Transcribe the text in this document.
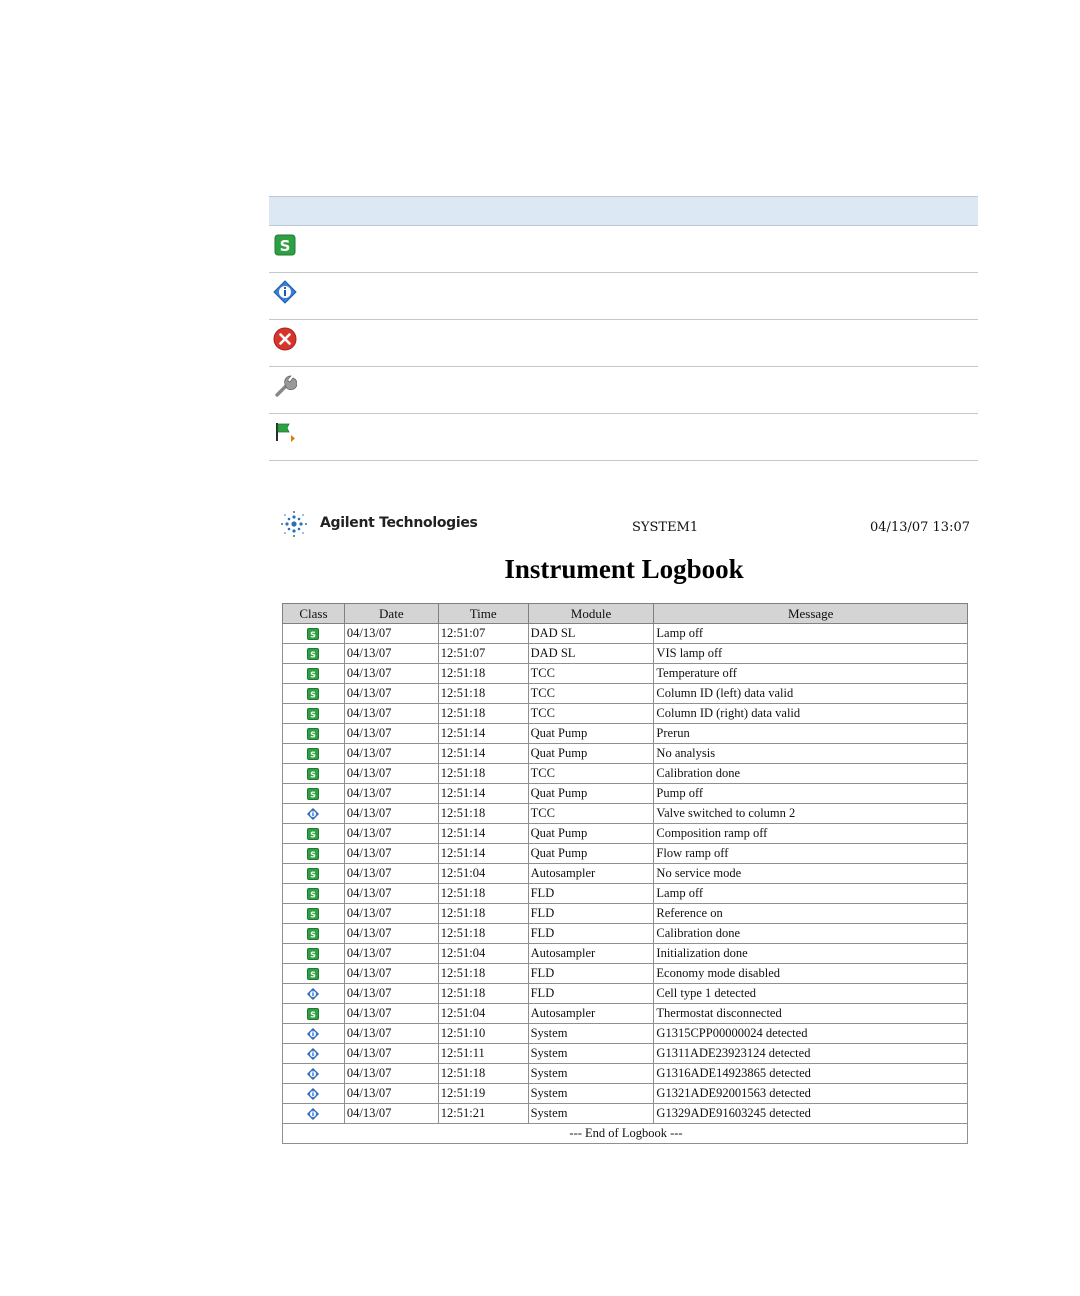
S
Agilent Technologies	SYSTEM1	04/13/07 13:07
Instrument Logbook
Class	Date	Time	Module	Message

S	04/13/07	12:51:07	DAD SL	Lamp off

S	04/13/07	12:51:07	DAD SL	VIS lamp off

S	04/13/07	12:51:18	TCC	Temperature off

S	04/13/07	12:51:18	TCC	Column ID (left) data valid

S	04/13/07	12:51:18	TCC	Column ID (right) data valid

S	04/13/07	12:51:14	Quat Pump	Prerun

S	04/13/07	12:51:14	Quat Pump	No analysis

S	04/13/07	12:51:18	TCC	Calibration done

S	04/13/07	12:51:14	Quat Pump	Pump off
	04/13/07	12:51:18	TCC	Valve switched to column 2

S	04/13/07	12:51:14	Quat Pump	Composition ramp off

S	04/13/07	12:51:14	Quat Pump	Flow ramp off

S	04/13/07	12:51:04	Autosampler	No service mode

S	04/13/07	12:51:18	FLD	Lamp off

S	04/13/07	12:51:18	FLD	Reference on

S	04/13/07	12:51:18	FLD	Calibration done

S	04/13/07	12:51:04	Autosampler	Initialization done

S	04/13/07	12:51:18	FLD	Economy mode disabled
	04/13/07	12:51:18	FLD	Cell type 1 detected

S	04/13/07	12:51:04	Autosampler	Thermostat disconnected
	04/13/07	12:51:10	System	G1315CPP00000024 detected
	04/13/07	12:51:11	System	G1311ADE23923124 detected
	04/13/07	12:51:18	System	G1316ADE14923865 detected
	04/13/07	12:51:19	System	G1321ADE92001563 detected
	04/13/07	12:51:21	System	G1329ADE91603245 detected
--- End of Logbook ---				
